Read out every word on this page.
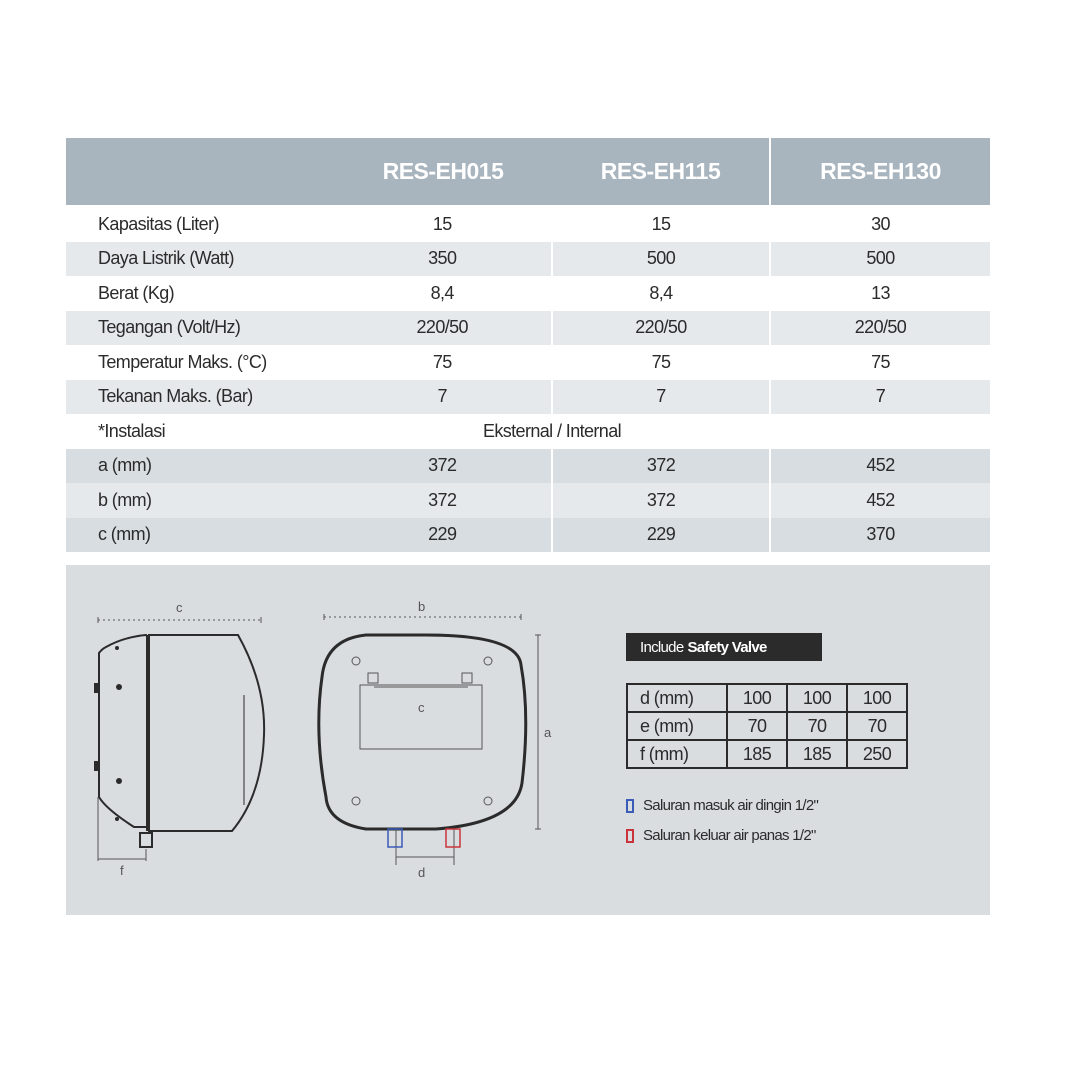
RES-EH015	RES-EH115	RES-EH130

Kapasitas (Liter) 15	15	30

Daya Listrik (Watt) 350	500	500

Berat (Kg) 8,4	8,4	13

Tegangan (Volt/Hz) 220/50	220/50	220/50

Temperatur Maks. (°C) 75	75	75

Tekanan Maks. (Bar) 7	7	7

*Instalasi Eksternal / Internal		

a (mm) 372	372	452

b (mm) 372	372	452

c (mm) 229	229	370
c
f
b
a
c
d
Include Safety Valve
d (mm)	100	100	100
e (mm)	70	70	70
f (mm)	185	185	250
Saluran masuk air dingin 1/2"
Saluran keluar air panas 1/2"
